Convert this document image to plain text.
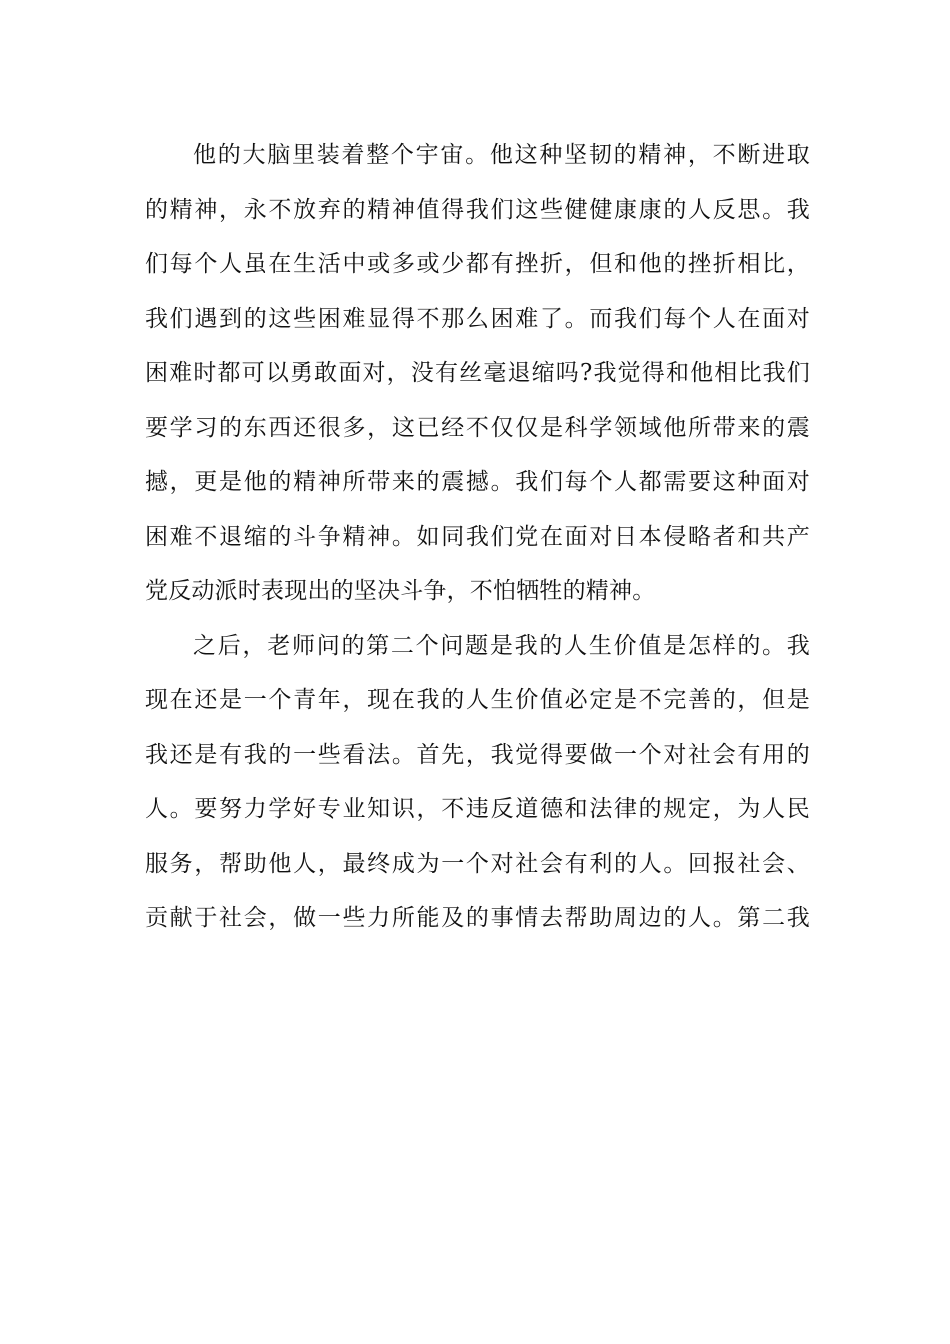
他的大脑里装着整个宇宙。他这种坚韧的精神，不断进取
的精神，永不放弃的精神值得我们这些健健康康的人反思。我
们每个人虽在生活中或多或少都有挫折，但和他的挫折相比，
我们遇到的这些困难显得不那么困难了。而我们每个人在面对
困难时都可以勇敢面对，没有丝毫退缩吗?我觉得和他相比我们
要学习的东西还很多，这已经不仅仅是科学领域他所带来的震
撼，更是他的精神所带来的震撼。我们每个人都需要这种面对
困难不退缩的斗争精神。如同我们党在面对日本侵略者和共产
党反动派时表现出的坚决斗争，不怕牺牲的精神。
之后，老师问的第二个问题是我的人生价值是怎样的。我
现在还是一个青年，现在我的人生价值必定是不完善的，但是
我还是有我的一些看法。首先，我觉得要做一个对社会有用的
人。要努力学好专业知识，不违反道德和法律的规定，为人民
服务，帮助他人，最终成为一个对社会有利的人。回报社会、
贡献于社会，做一些力所能及的事情去帮助周边的人。第二我
